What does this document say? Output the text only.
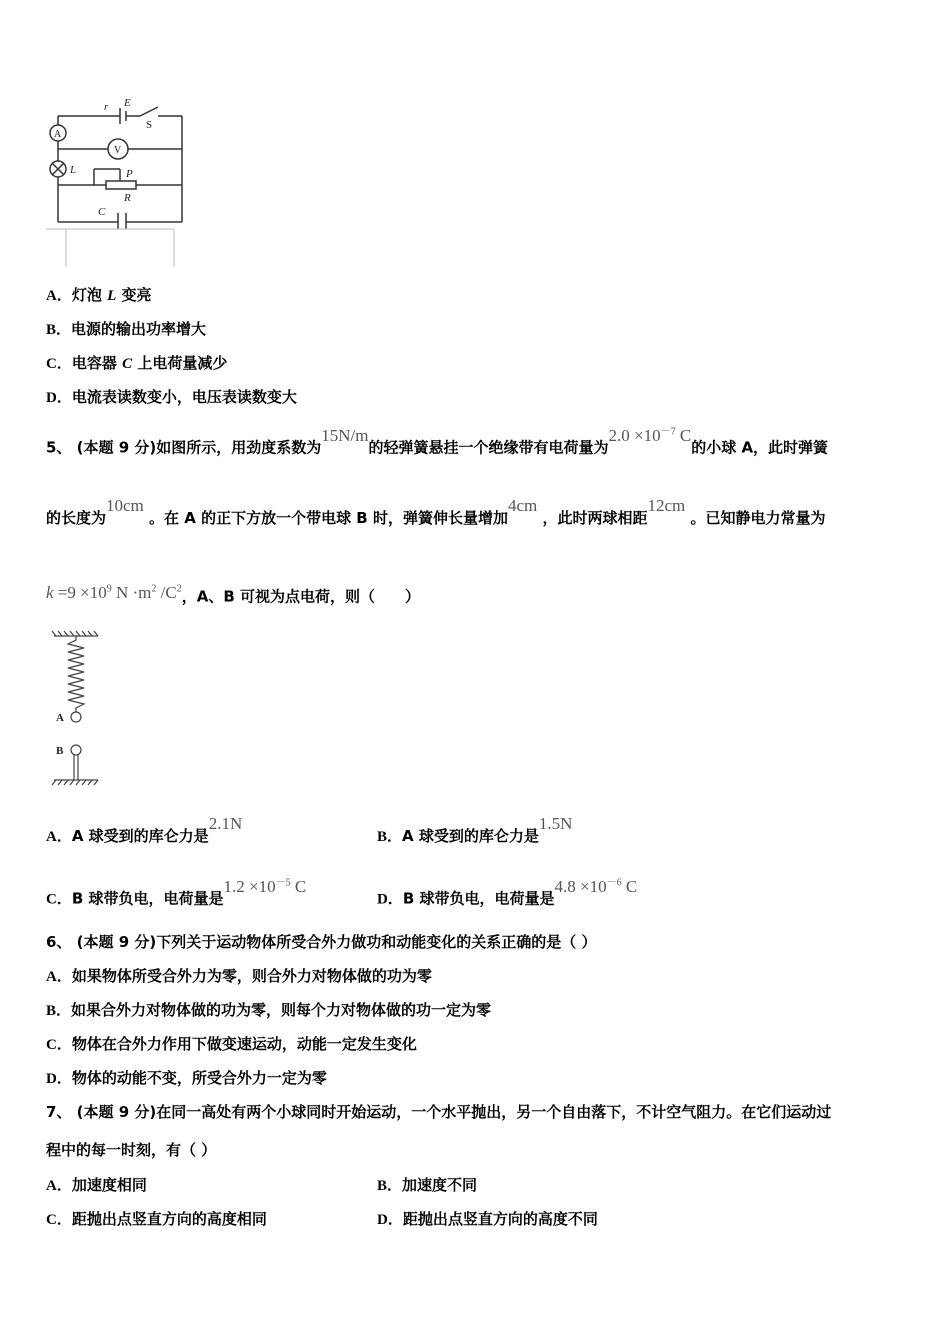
r E
S
A
V
L	P
R
C
A．灯泡 L 变亮
B．电源的输出功率增大
C．电容器 C 上电荷量减少
D．电流表读数变小，电压表读数变大
5、 (本题 9 分)如图所示，用劲度系数为15N/m的轻弹簧悬挂一个绝缘带有电荷量为$2.0 \times 10^{-7}$ C的小球 A，此时弹簧
的长度为10cm 。在 A 的正下方放一个带电球 B 时，弹簧伸长量增加4cm ，此时两球相距12cm 。已知静电力常量为
$k =9 \times 10^9$ $N \cdot m^2$ $/C^2$，A、B 可视为点电荷，则（　　）
A
B
A．A 球受到的库仑力是2.1N
B．A 球受到的库仑力是1.5N
C．B 球带负电，电荷量是$1.2 \times 10^{-5}$ C
D．B 球带负电，电荷量是$4.8 \times 10^{-6}$ C
6、 (本题 9 分)下列关于运动物体所受合外力做功和动能变化的关系正确的是（ ）
A．如果物体所受合外力为零，则合外力对物体做的功为零
B．如果合外力对物体做的功为零，则每个力对物体做的功一定为零
C．物体在合外力作用下做变速运动，动能一定发生变化
D．物体的动能不变，所受合外力一定为零
7、 (本题 9 分)在同一高处有两个小球同时开始运动，一个水平抛出，另一个自由落下，不计空气阻力。在它们运动过
程中的每一时刻，有（ ）
A．加速度相同	B．加速度不同
C．距抛出点竖直方向的高度相同	D．距抛出点竖直方向的高度不同
